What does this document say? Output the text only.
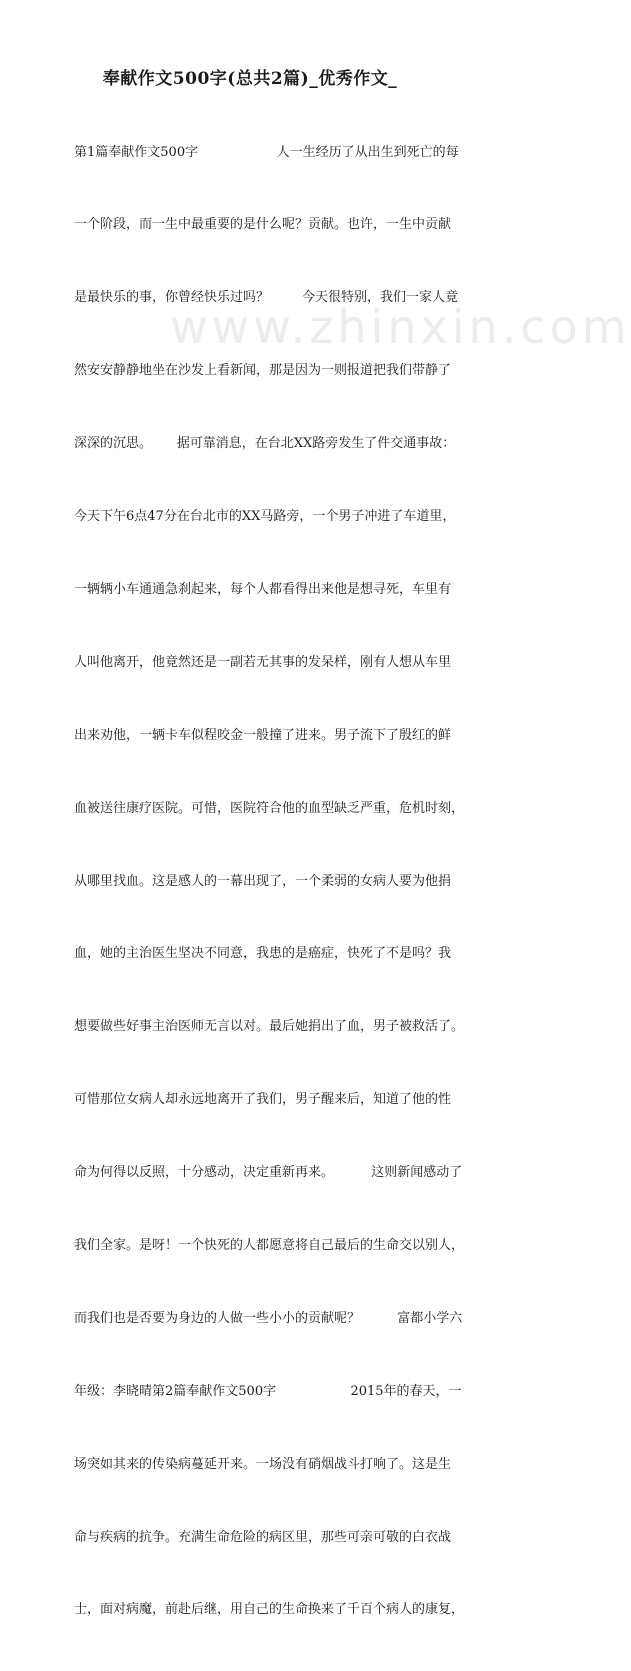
奉献作文500字(总共2篇)_优秀作文_
www.zhinxin.com

第1篇奉献作文500字                   人一生经历了从出生到死亡的每

一个阶段，而一生中最重要的是什么呢？贡献。也许，一生中贡献

是最快乐的事，你曾经快乐过吗？        今天很特别，我们一家人竟

然安安静静地坐在沙发上看新闻，那是因为一则报道把我们带静了

深深的沉思。      据可靠消息，在台北XX路旁发生了件交通事故：

今天下午6点47分在台北市的XX马路旁，一个男子冲进了车道里，

一辆辆小车通通急刹起来，每个人都看得出来他是想寻死，车里有

人叫他离开，他竟然还是一副若无其事的发呆样，刚有人想从车里

出来劝他，一辆卡车似程咬金一般撞了进来。男子流下了殷红的鲜

血被送往康疗医院。可惜，医院符合他的血型缺乏严重，危机时刻，

从哪里找血。这是感人的一幕出现了，一个柔弱的女病人要为他捐

血，她的主治医生坚决不同意，我患的是癌症，快死了不是吗？我

想要做些好事主治医师无言以对。最后她捐出了血，男子被救活了。

可惜那位女病人却永远地离开了我们，男子醒来后，知道了他的性

命为何得以反照，十分感动，决定重新再来。         这则新闻感动了

我们全家。是呀！一个快死的人都愿意将自己最后的生命交以别人，

而我们也是否要为身边的人做一些小小的贡献呢？         富都小学六

年级：李晓晴第2篇奉献作文500字                  2015年的春天，一

场突如其来的传染病蔓延开来。一场没有硝烟战斗打响了。这是生

命与疾病的抗争。充满生命危险的病区里，那些可亲可敬的白衣战

士，面对病魔，前赴后继，用自己的生命换来了千百个病人的康复，
